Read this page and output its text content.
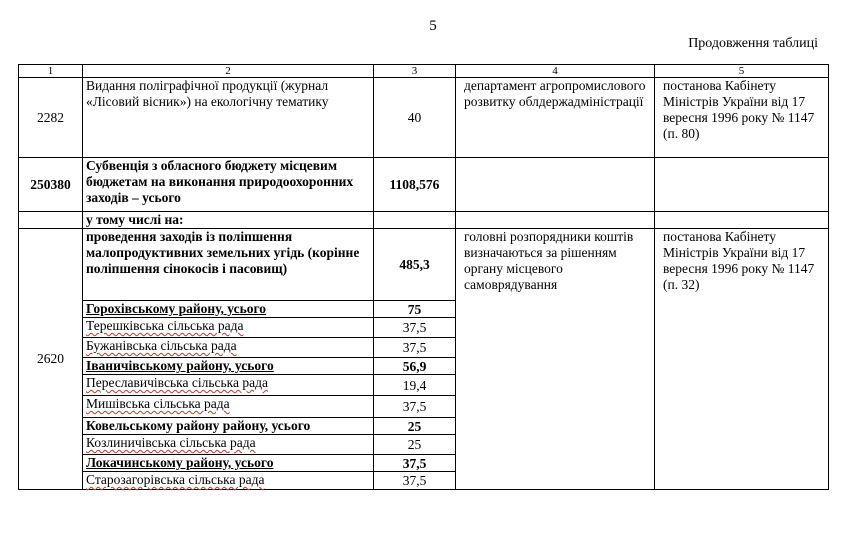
5
Продовження таблиці
1	2	3	4	5
2282	Видання поліграфічної продукції (журнал «Лісовий вісник») на екологічну тематику	40	департамент агропромислового розвитку облдержадміністрації	постанова Кабінету Міністрів України від 17 вересня 1996 року № 1147 (п. 80)
250380	Субвенція з обласного бюджету місцевим бюджетам на виконання природоохоронних заходів – усього	1108,576		
	у тому числі на:			
2620	проведення заходів із поліпшення малопродуктивних земельних угідь (корінне поліпшення сінокосів і пасовищ)	485,3	головні розпорядники коштів визначаються за рішенням органу місцевого самоврядування	постанова Кабінету Міністрів України від 17 вересня 1996 року № 1147 (п. 32)
	Горохівському району, усього	75		
	Терешківська сільська рада	37,5		
	Бужанівська сільська рада	37,5		
	Іваничівському району, усього	56,9		
	Переславичівська сільська рада	19,4		
	Мишівська сільська рада	37,5		
	Ковельському району району, усього	25		
	Козлиничівська сільська рада	25		
	Локачинському району, усього	37,5		
	Старозагорівська сільська рада	37,5		
